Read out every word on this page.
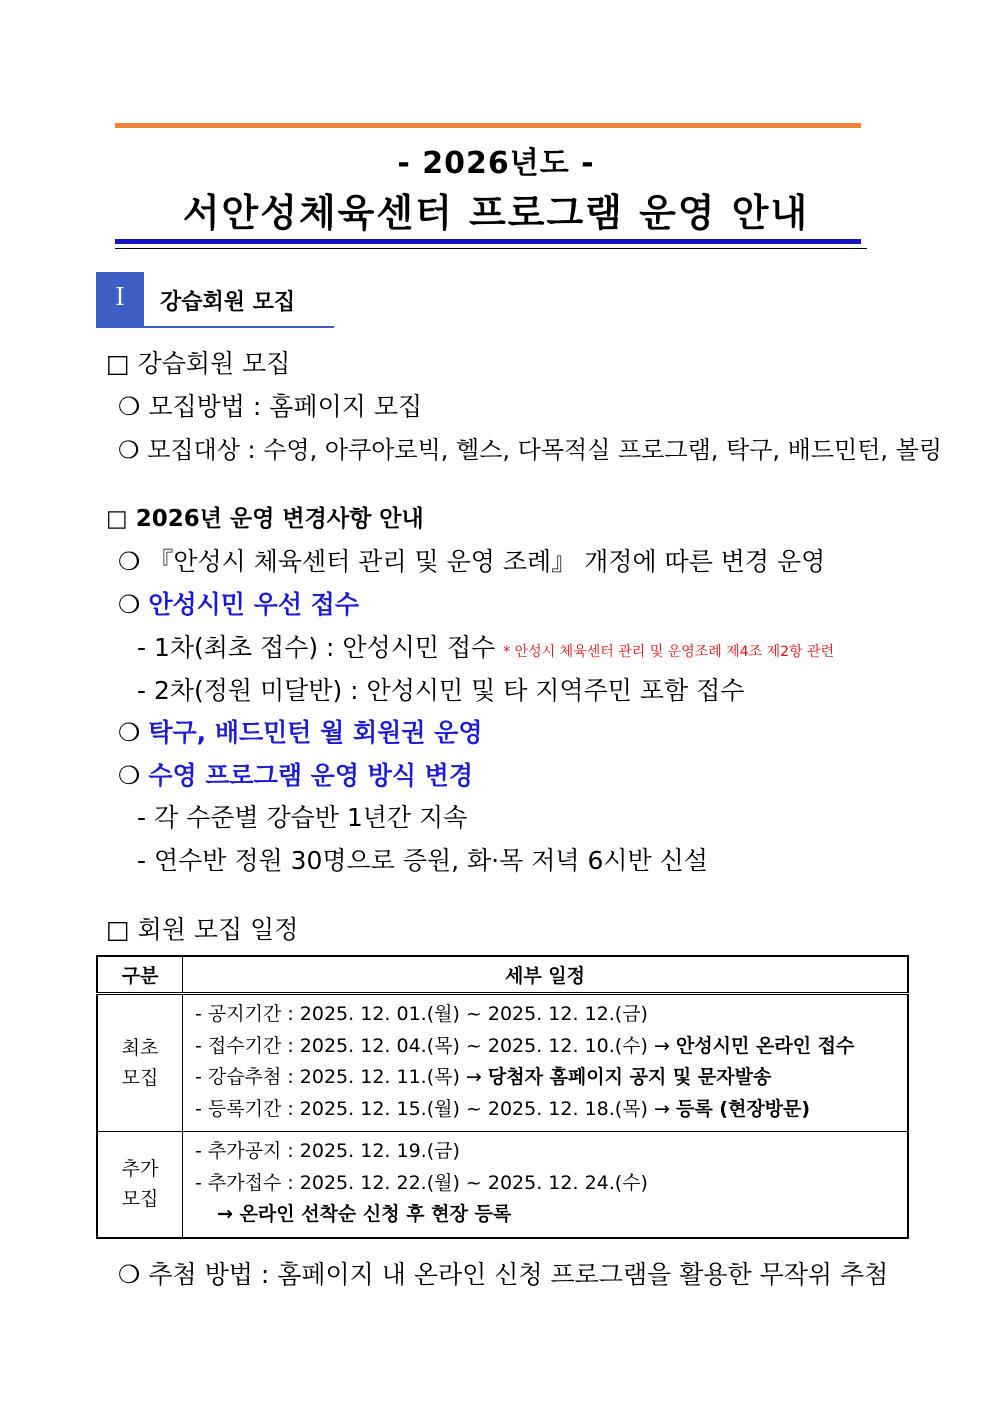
- 2026년도 -
서안성체육센터 프로그램 운영 안내
I	강습회원 모집
□ 강습회원 모집
❍ 모집방법 : 홈페이지 모집
❍ 모집대상 : 수영, 아쿠아로빅, 헬스, 다목적실 프로그램, 탁구, 배드민턴, 볼링
□ 2026년 운영 변경사항 안내
❍ 『안성시 체육센터 관리 및 운영 조례』 개정에 따른 변경 운영
❍ 안성시민 우선 접수
- 1차(최초 접수) : 안성시민 접수 * 안성시 체육센터 관리 및 운영조례 제4조 제2항 관련
- 2차(정원 미달반) : 안성시민 및 타 지역주민 포함 접수
❍ 탁구, 배드민턴 월 회원권 운영
❍ 수영 프로그램 운영 방식 변경
- 각 수준별 강습반 1년간 지속
- 연수반 정원 30명으로 증원, 화·목 저녁 6시반 신설
□ 회원 모집 일정
구분	세부 일정

최초 모집	- 공지기간 : 2025. 12. 01.(월) ~ 2025. 12. 12.(금)
- 접수기간 : 2025. 12. 04.(목) ~ 2025. 12. 10.(수) → 안성시민 온라인 접수
- 강습추첨 : 2025. 12. 11.(목) → 당첨자 홈페이지 공지 및 문자발송
- 등록기간 : 2025. 12. 15.(월) ~ 2025. 12. 18.(목) → 등록 (현장방문)

추가 모집	- 추가공지 : 2025. 12. 19.(금)
- 추가접수 : 2025. 12. 22.(월) ~ 2025. 12. 24.(수)
→ 온라인 선착순 신청 후 현장 등록
❍ 추첨 방법 : 홈페이지 내 온라인 신청 프로그램을 활용한 무작위 추첨
